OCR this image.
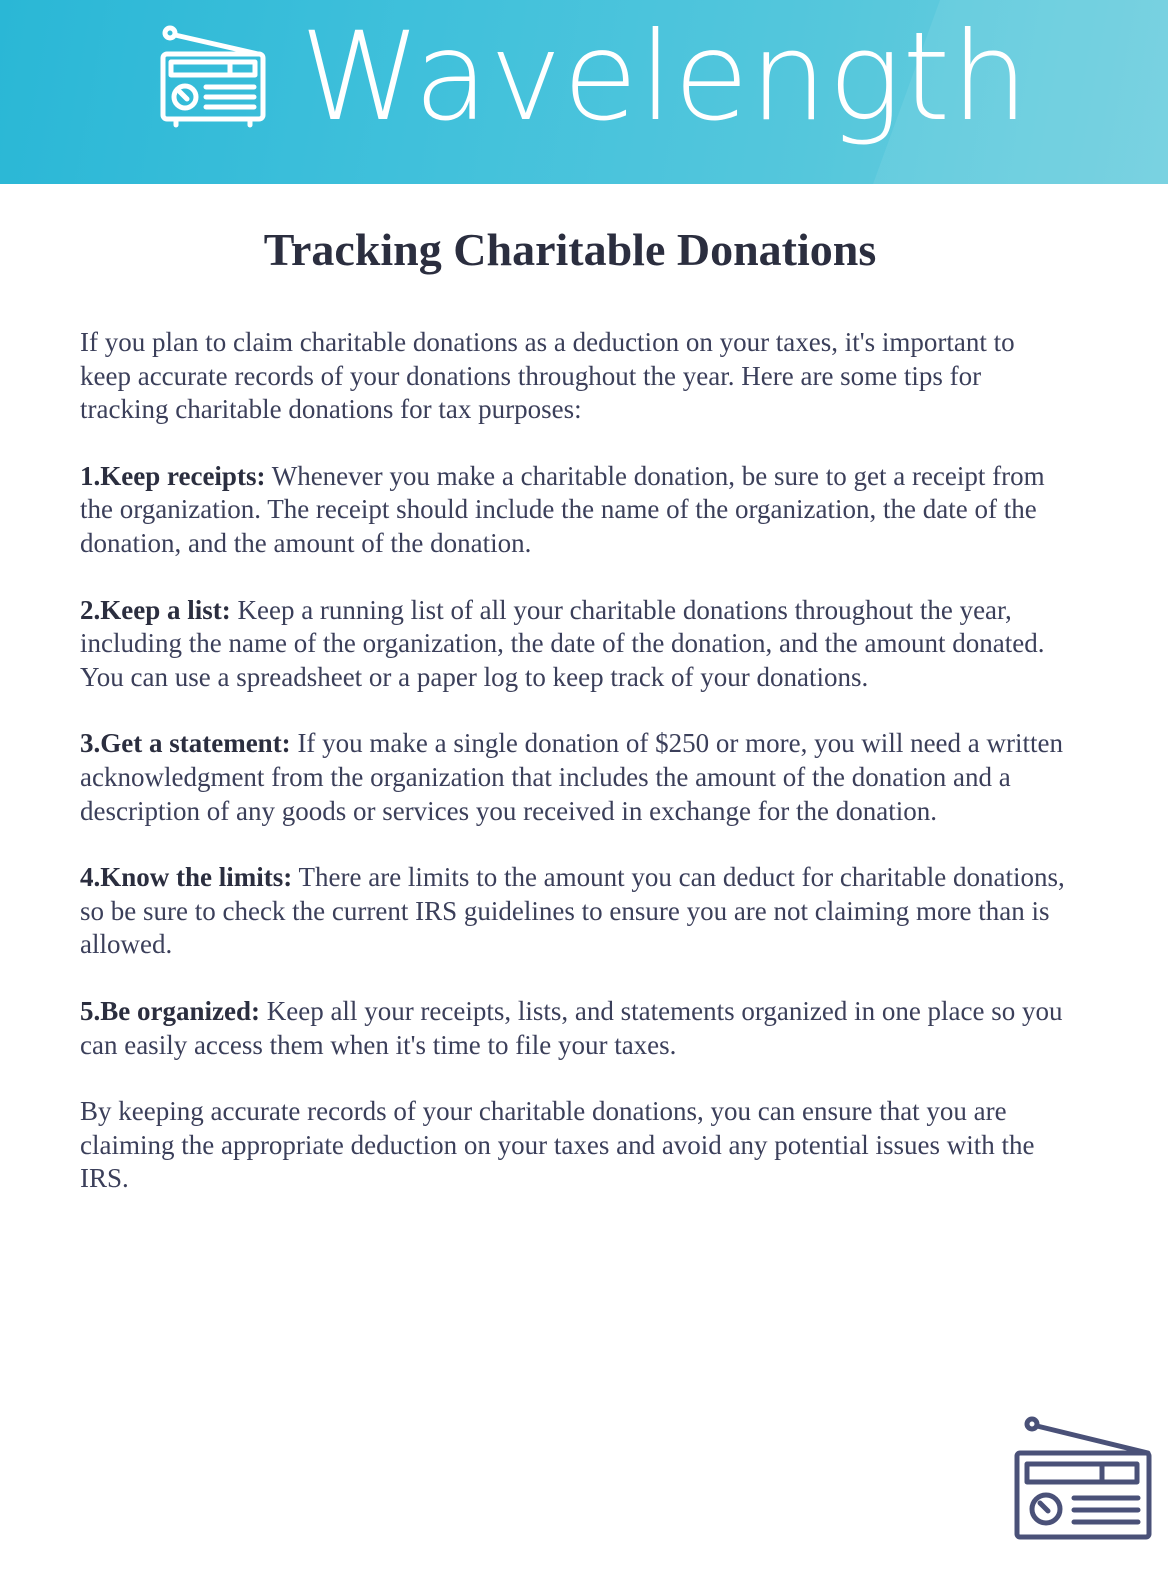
Wavelength
Tracking Charitable Donations

If you plan to claim charitable donations as a deduction on your taxes, it's important to keep accurate records of your donations throughout the year. Here are some tips for tracking charitable donations for tax purposes:

1.Keep receipts: Whenever you make a charitable donation, be sure to get a receipt from the organization. The receipt should include the name of the organization, the date of the donation, and the amount of the donation.

2.Keep a list: Keep a running list of all your charitable donations throughout the year, including the name of the organization, the date of the donation, and the amount donated. You can use a spreadsheet or a paper log to keep track of your donations.

3.Get a statement: If you make a single donation of $250 or more, you will need a written acknowledgment from the organization that includes the amount of the donation and a description of any goods or services you received in exchange for the donation.

4.Know the limits: There are limits to the amount you can deduct for charitable donations, so be sure to check the current IRS guidelines to ensure you are not claiming more than is allowed.

5.Be organized: Keep all your receipts, lists, and statements organized in one place so you can easily access them when it's time to file your taxes.

By keeping accurate records of your charitable donations, you can ensure that you are claiming the appropriate deduction on your taxes and avoid any potential issues with the IRS.
